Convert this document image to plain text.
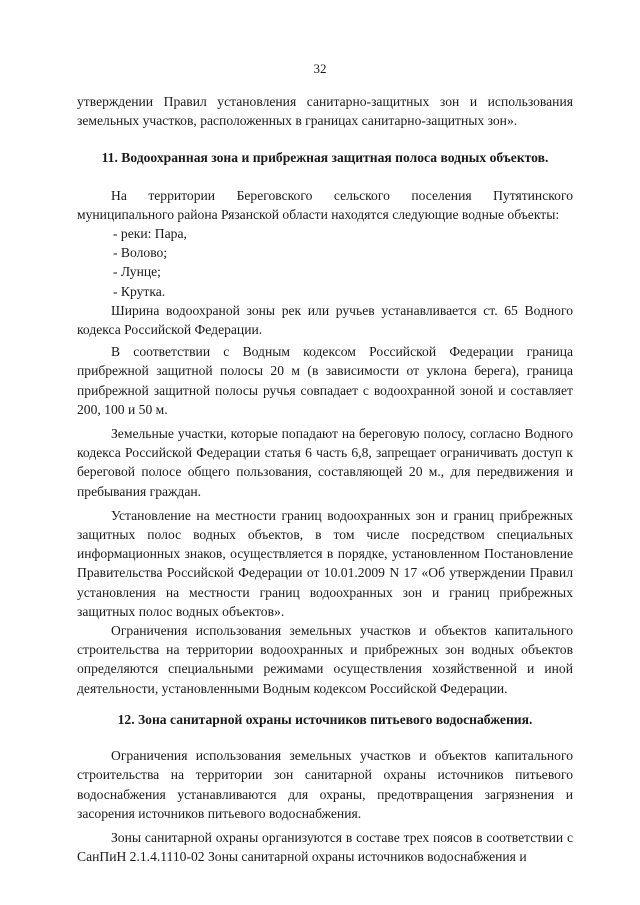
32

утверждении Правил установления санитарно-защитных зон и использования земельных участков, расположенных в границах санитарно-защитных зон».

11. Водоохранная зона и прибрежная защитная полоса водных объектов.

На территории Береговского сельского поселения Путятинского муниципального района Рязанской области находятся следующие водные объекты:

- реки: Пара,

- Волово;

- Лунце;

- Крутка.

Ширина водоохраной зоны рек или ручьев устанавливается ст. 65 Водного кодекса Российской Федерации.

В соответствии с Водным кодексом Российской Федерации граница прибрежной защитной полосы 20 м (в зависимости от уклона берега), граница прибрежной защитной полосы ручья совпадает с водоохранной зоной и составляет 200, 100 и 50 м.

Земельные участки, которые попадают на береговую полосу, согласно Водного кодекса Российской Федерации статья 6 часть 6,8, запрещает ограничивать доступ к береговой полосе общего пользования, составляющей 20 м., для передвижения и пребывания граждан.

Установление на местности границ водоохранных зон и границ прибрежных защитных полос водных объектов, в том числе посредством специальных информационных знаков, осуществляется в порядке, установленном Постановление Правительства Российской Федерации от 10.01.2009 N 17 «Об утверждении Правил установления на местности границ водоохранных зон и границ прибрежных защитных полос водных объектов».

Ограничения использования земельных участков и объектов капитального строительства на территории водоохранных и прибрежных зон водных объектов определяются специальными режимами осуществления хозяйственной и иной деятельности, установленными Водным кодексом Российской Федерации.

12. Зона санитарной охраны источников питьевого водоснабжения.

Ограничения использования земельных участков и объектов капитального строительства на территории зон санитарной охраны источников питьевого водоснабжения устанавливаются для охраны, предотвращения загрязнения и засорения источников питьевого водоснабжения.

Зоны санитарной охраны организуются в составе трех поясов в соответствии с СанПиН 2.1.4.1110-02 Зоны санитарной охраны источников водоснабжения и
